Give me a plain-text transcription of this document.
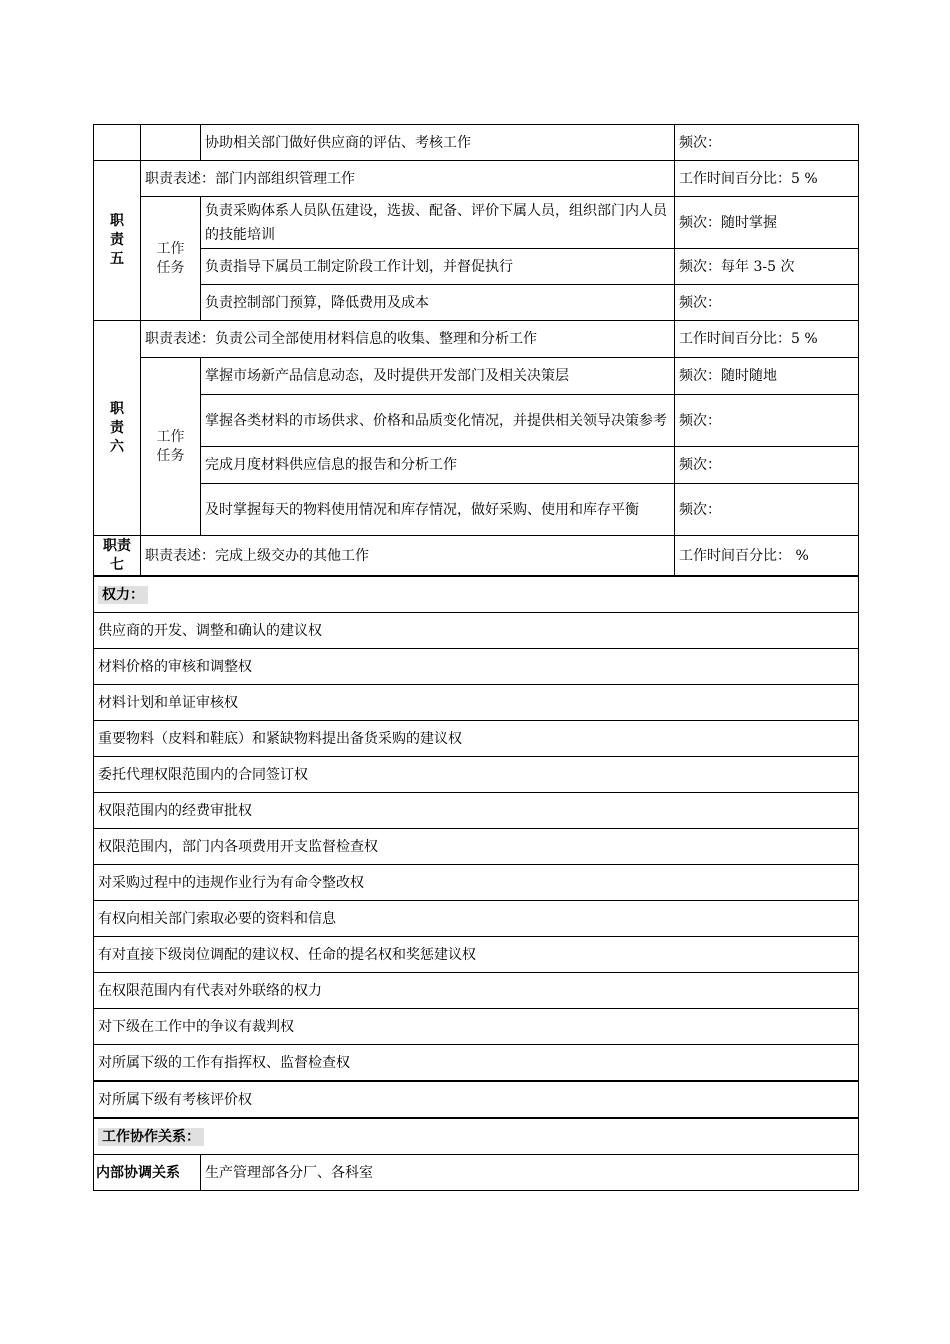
		协助相关部门做好供应商的评估、考核工作	频次：
职
责
五	职责表述：部门内部组织管理工作		工作时间百分比：5 %
	工作
任务	负责采购体系人员队伍建设，选拔、配备、评价下属人员，组织部门内人员的技能培训	频次：随时掌握
		负责指导下属员工制定阶段工作计划，并督促执行	频次：每年 3-5 次
		负责控制部门预算，降低费用及成本	频次：
职
责
六	职责表述：负责公司全部使用材料信息的收集、整理和分析工作		工作时间百分比：5 %
	工作
任务	掌握市场新产品信息动态，及时提供开发部门及相关决策层	频次：随时随地
		掌握各类材料的市场供求、价格和品质变化情况，并提供相关领导决策参考	频次：
		完成月度材料供应信息的报告和分析工作	频次：
		及时掌握每天的物料使用情况和库存情况，做好采购、使用和库存平衡	频次：
职责
七	职责表述：完成上级交办的其他工作		工作时间百分比： %
权力：
供应商的开发、调整和确认的建议权
材料价格的审核和调整权
材料计划和单证审核权
重要物料（皮料和鞋底）和紧缺物料提出备货采购的建议权
委托代理权限范围内的合同签订权
权限范围内的经费审批权
权限范围内，部门内各项费用开支监督检查权
对采购过程中的违规作业行为有命令整改权
有权向相关部门索取必要的资料和信息
有对直接下级岗位调配的建议权、任命的提名权和奖惩建议权
在权限范围内有代表对外联络的权力
对下级在工作中的争议有裁判权
对所属下级的工作有指挥权、监督检查权
对所属下级有考核评价权
工作协作关系：
内部协调关系	生产管理部各分厂、各科室
